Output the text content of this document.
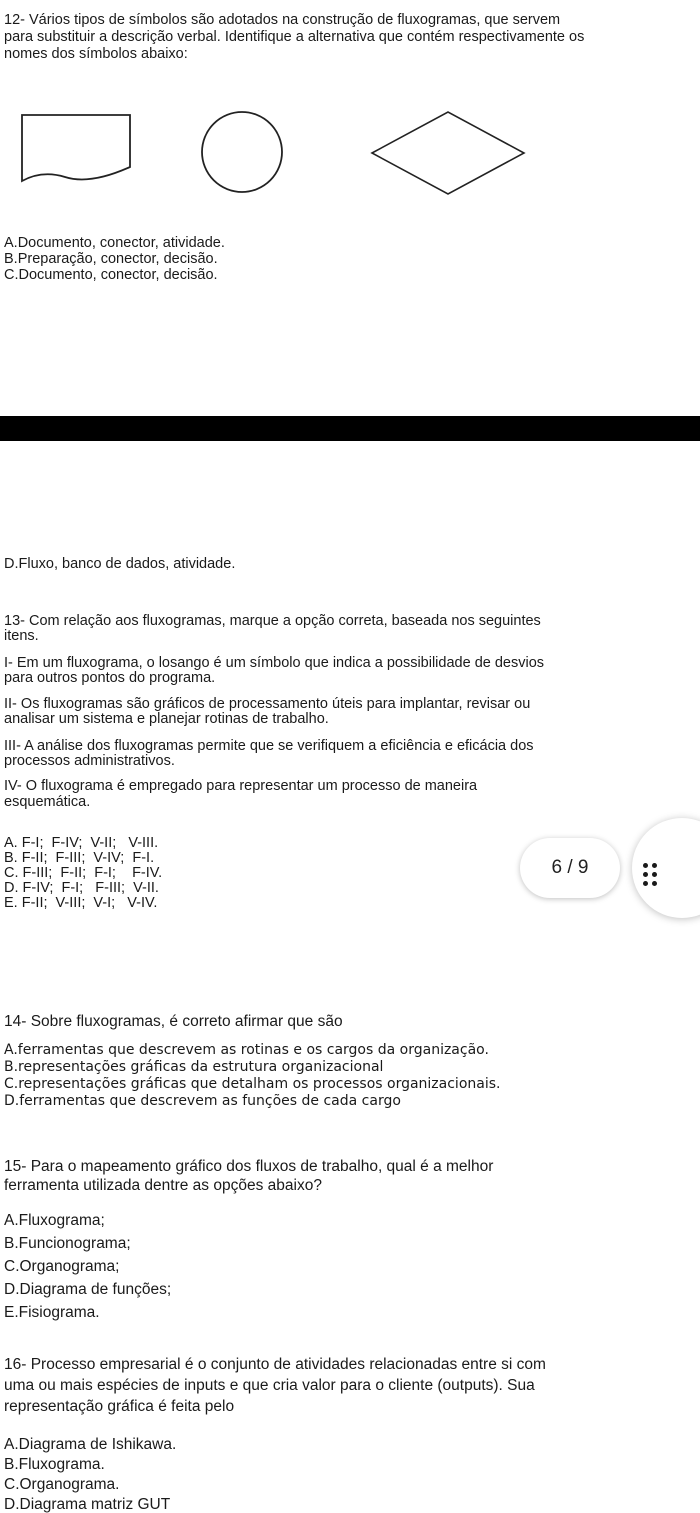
12- Vários tipos de símbolos são adotados na construção de fluxogramas, que servem

para substituir a descrição verbal. Identifique a alternativa que contém respectivamente os

nomes dos símbolos abaixo:

A.Documento, conector, atividade.

B.Preparação, conector, decisão.

C.Documento, conector, decisão.

D.Fluxo, banco de dados, atividade.

13- Com relação aos fluxogramas, marque a opção correta, baseada nos seguintes

itens.

I- Em um fluxograma, o losango é um símbolo que indica a possibilidade de desvios

para outros pontos do programa.

II- Os fluxogramas são gráficos de processamento úteis para implantar, revisar ou

analisar um sistema e planejar rotinas de trabalho.

III- A análise dos fluxogramas permite que se verifiquem a eficiência e eficácia dos

processos administrativos.

IV- O fluxograma é empregado para representar um processo de maneira

esquemática.

A. F-I;  F-IV;  V-II;   V-III.

B. F-II;  F-III;  V-IV;  F-I.

C. F-III;  F-II;  F-I;    F-IV.

D. F-IV;  F-I;   F-III;  V-II.

E. F-II;  V-III;  V-I;   V-IV.

6 / 9

14- Sobre fluxogramas, é correto afirmar que são

A.ferramentas que descrevem as rotinas e os cargos da organização.

B.representações gráficas da estrutura organizacional

C.representações gráficas que detalham os processos organizacionais.

D.ferramentas que descrevem as funções de cada cargo

15- Para o mapeamento gráfico dos fluxos de trabalho, qual é a melhor

ferramenta utilizada dentre as opções abaixo?

A.Fluxograma;

B.Funcionograma;

C.Organograma;

D.Diagrama de funções;

E.Fisiograma.

16- Processo empresarial é o conjunto de atividades relacionadas entre si com

uma ou mais espécies de inputs e que cria valor para o cliente (outputs). Sua

representação gráfica é feita pelo

A.Diagrama de Ishikawa.

B.Fluxograma.

C.Organograma.

D.Diagrama matriz GUT
